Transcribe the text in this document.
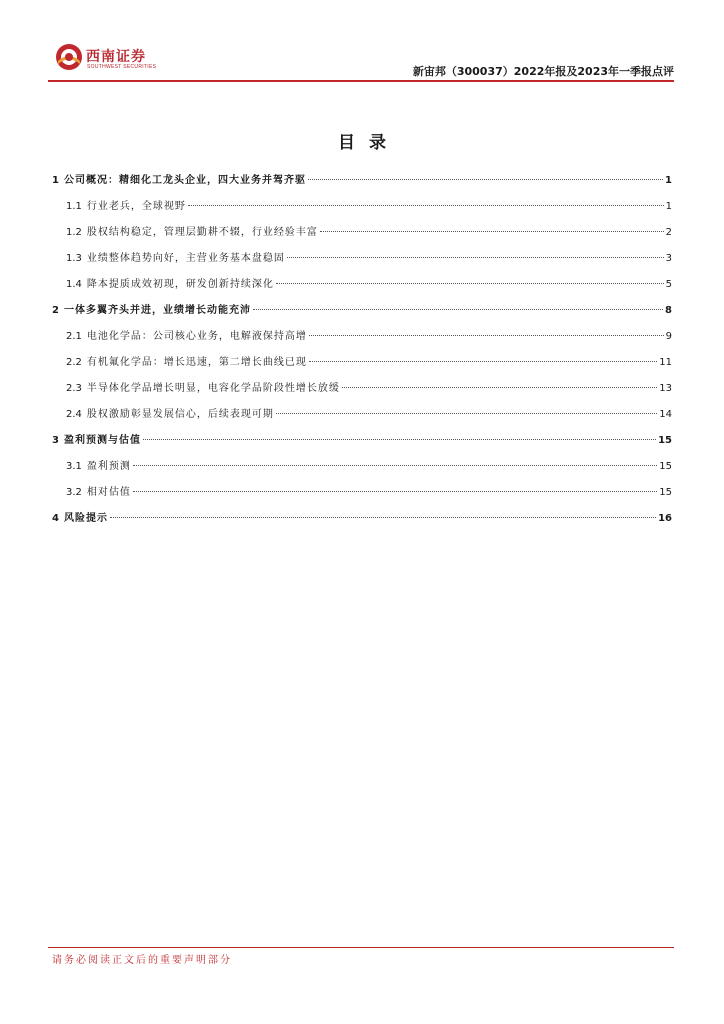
西南证券
SOUTHWEST SECURITIES	新宙邦（300037）2022年报及2023年一季报点评
目录
1 公司概况：精细化工龙头企业，四大业务并驾齐驱	1
1.1 行业老兵，全球视野	1
1.2 股权结构稳定，管理层勤耕不辍，行业经验丰富	2
1.3 业绩整体趋势向好，主营业务基本盘稳固	3
1.4 降本提质成效初现，研发创新持续深化	5
2 一体多翼齐头并进，业绩增长动能充沛	8
2.1 电池化学品：公司核心业务，电解液保持高增	9
2.2 有机氟化学品：增长迅速，第二增长曲线已现	11
2.3 半导体化学品增长明显，电容化学品阶段性增长放缓	13
2.4 股权激励彰显发展信心，后续表现可期	14
3 盈利预测与估值	15
3.1 盈利预测	15
3.2 相对估值	15
4 风险提示	16
请务必阅读正文后的重要声明部分
